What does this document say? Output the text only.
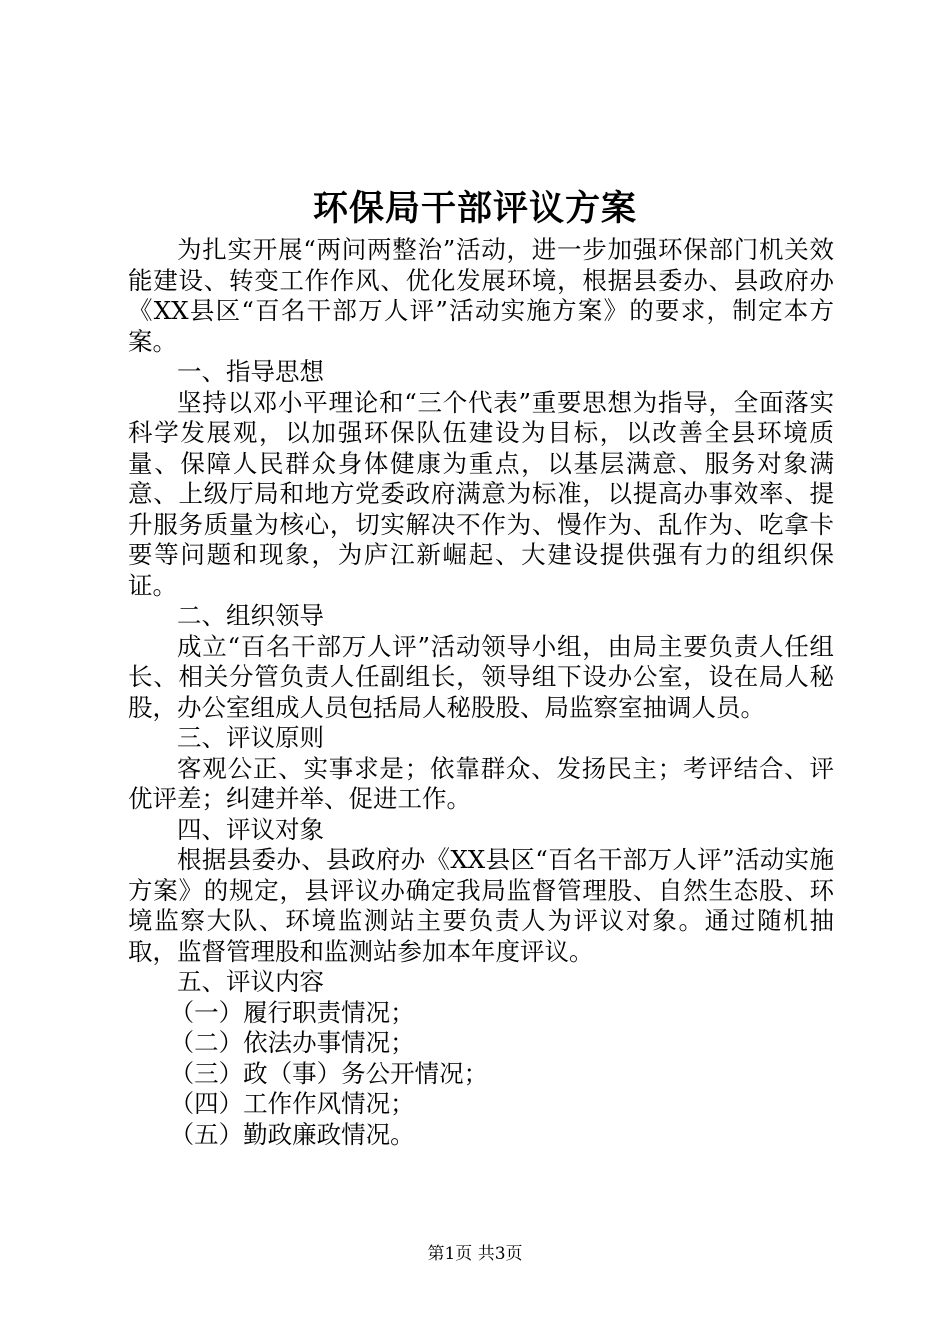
环保局干部评议方案

为扎实开展“两问两整治”活动，进一步加强环保部门机关效能建设、转变工作作风、优化发展环境，根据县委办、县政府办《XX县区“百名干部万人评”活动实施方案》的要求，制定本方案。

一、指导思想

坚持以邓小平理论和“三个代表”重要思想为指导，全面落实科学发展观，以加强环保队伍建设为目标，以改善全县环境质量、保障人民群众身体健康为重点，以基层满意、服务对象满意、上级厅局和地方党委政府满意为标准，以提高办事效率、提升服务质量为核心，切实解决不作为、慢作为、乱作为、吃拿卡要等问题和现象，为庐江新崛起、大建设提供强有力的组织保证。

二、组织领导

成立“百名干部万人评”活动领导小组，由局主要负责人任组长、相关分管负责人任副组长，领导组下设办公室，设在局人秘股，办公室组成人员包括局人秘股股、局监察室抽调人员。

三、评议原则

客观公正、实事求是；依靠群众、发扬民主；考评结合、评优评差；纠建并举、促进工作。

四、评议对象

根据县委办、县政府办《XX县区“百名干部万人评”活动实施方案》的规定，县评议办确定我局监督管理股、自然生态股、环境监察大队、环境监测站主要负责人为评议对象。通过随机抽取，监督管理股和监测站参加本年度评议。

五、评议内容

（一）履行职责情况；

（二）依法办事情况；

（三）政（事）务公开情况；

（四）工作作风情况；

（五）勤政廉政情况。

第1页 共3页
